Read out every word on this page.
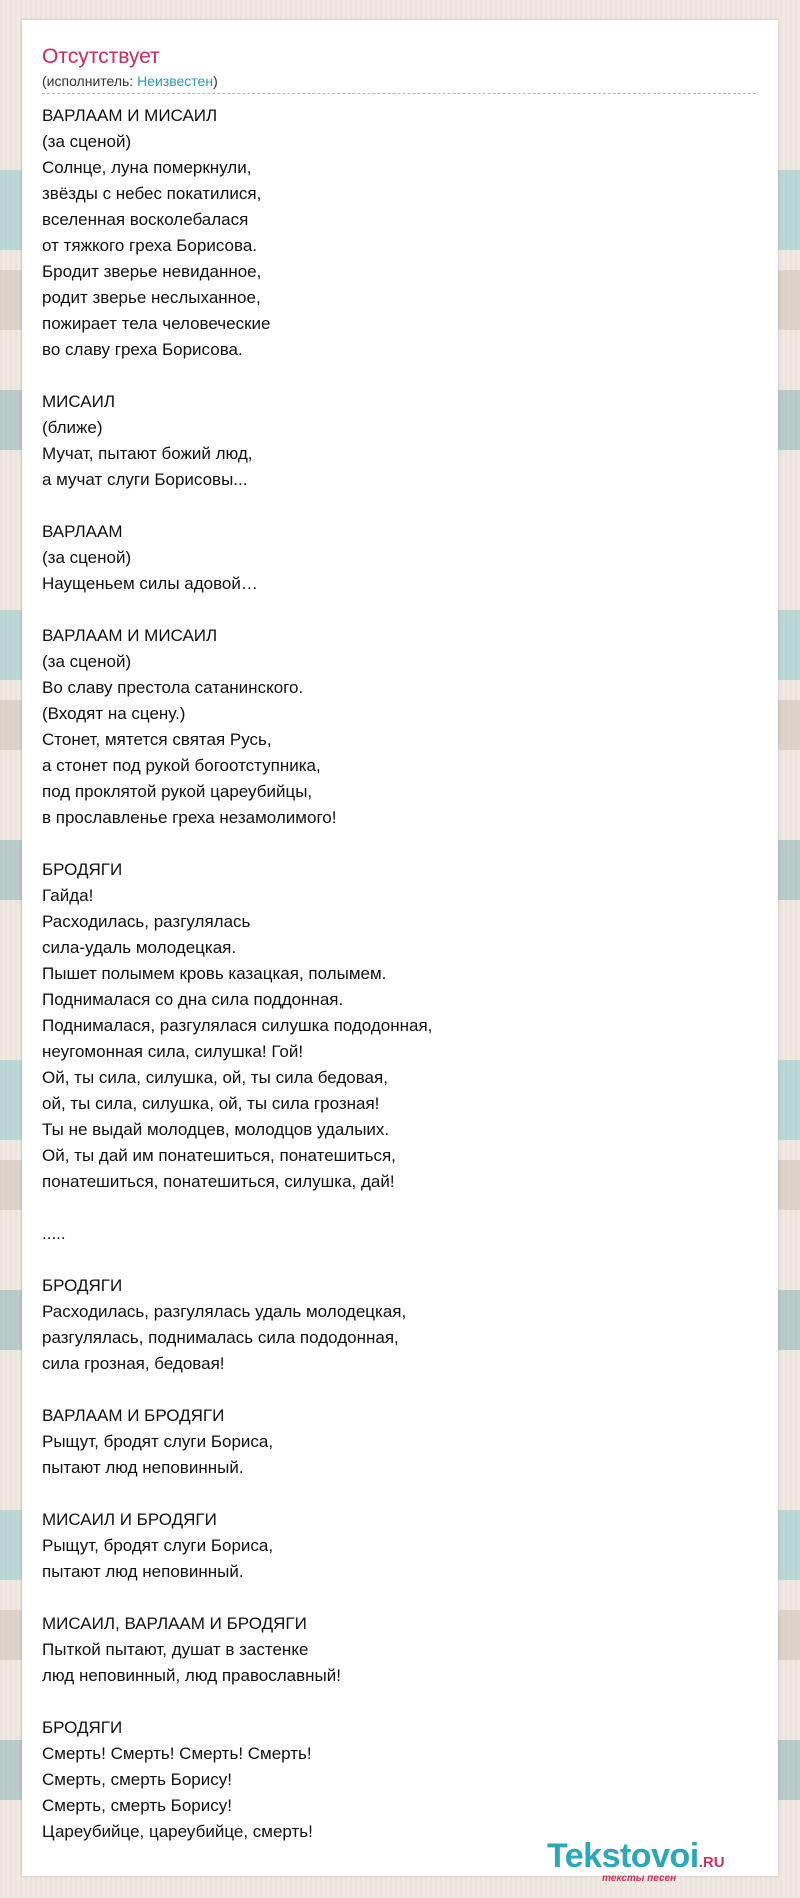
Отсутствует
(исполнитель: Неизвестен)
ВАРЛААМ И МИСАИЛ
(за сценой)
Солнце, луна померкнули,
звёзды с небес покатилися,
вселенная восколебалася
от тяжкого греха Борисова.
Бродит зверье невиданное,
родит зверье неслыханное,
пожирает тела человеческие
во славу греха Борисова.
МИСАИЛ
(ближе)
Мучат, пытают божий люд,
а мучат слуги Борисовы...
ВАРЛААМ
(за сценой)
Наущеньем силы адовой…
ВАРЛААМ И МИСАИЛ
(за сценой)
Во славу престола сатанинского.
(Входят на сцену.)
Стонет, мятется святая Русь,
а стонет под рукой богоотступника,
под проклятой рукой цареубийцы,
в прославленье греха незамолимого!
БРОДЯГИ
Гайда!
Расходилась, разгулялась
сила-удаль молодецкая.
Пышет полымем кровь казацкая, полымем.
Поднималася со дна сила поддонная.
Поднималася, разгулялася силушка пододонная,
неугомонная сила, силушка! Гой!
Ой, ты сила, силушка, ой, ты сила бедовая,
ой, ты сила, силушка, ой, ты сила грозная!
Ты не выдай молодцев, молодцов удалыих.
Ой, ты дай им понатешиться, понатешиться,
понатешиться, понатешиться, силушка, дай!
.....
БРОДЯГИ
Расходилась, разгулялась удаль молодецкая,
разгулялась, поднималась сила пододонная,
сила грозная, бедовая!
ВАРЛААМ И БРОДЯГИ
Рыщут, бродят слуги Бориса,
пытают люд неповинный.
МИСАИЛ И БРОДЯГИ
Рыщут, бродят слуги Бориса,
пытают люд неповинный.
МИСАИЛ, ВАРЛААМ И БРОДЯГИ
Пыткой пытают, душат в застенке
люд неповинный, люд православный!
БРОДЯГИ
Смерть! Смерть! Смерть! Смерть!
Смерть, смерть Борису!
Смерть, смерть Борису!
Цареубийце, цареубийце, смерть!
Tekstovoi.RU
тексты песен
